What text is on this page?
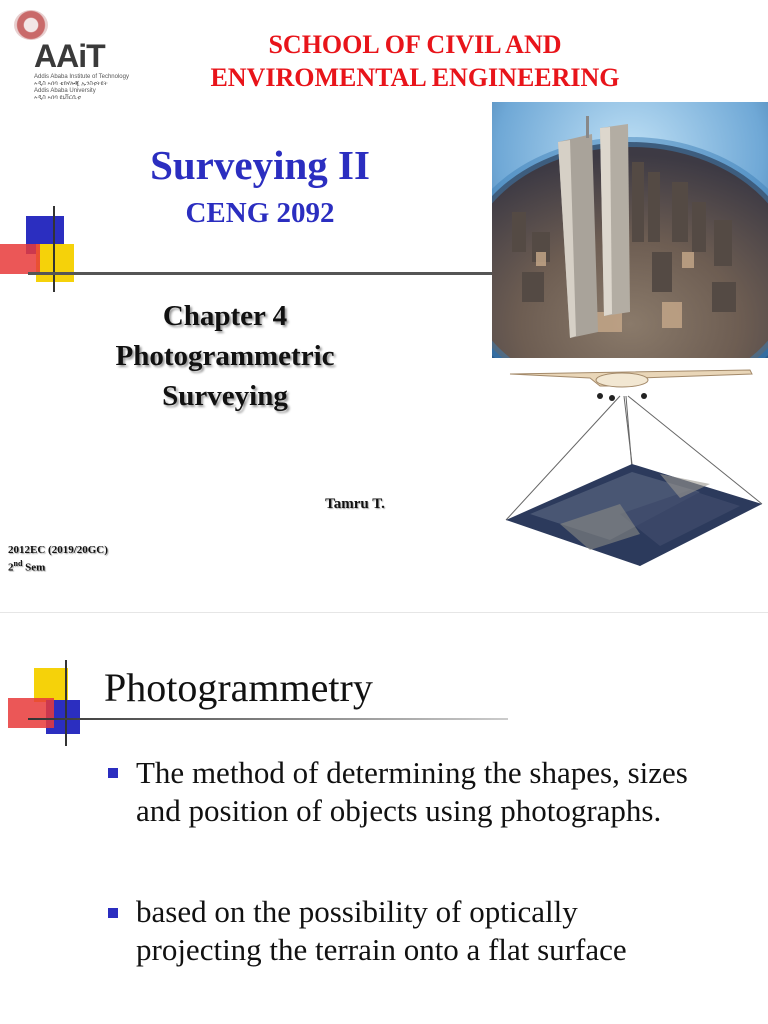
AAiT
Addis Ababa Institute of Technology
ኣዲስ ኣበባ ቴክኖሎጂ ኢንስቲትዩት
Addis Ababa University
ኣዲስ ኣበባ ዩኒቨርሲቲ
SCHOOL OF CIVIL AND
ENVIROMENTAL ENGINEERING
Surveying II
CENG 2092
Chapter 4
Photogrammetric
Surveying
Tamru T.
2012EC (2019/20GC)
2nd Sem
Photogrammetry
The method of determining the shapes, sizes
and position of objects using photographs.
based on the possibility of optically
projecting the terrain onto a flat surface
